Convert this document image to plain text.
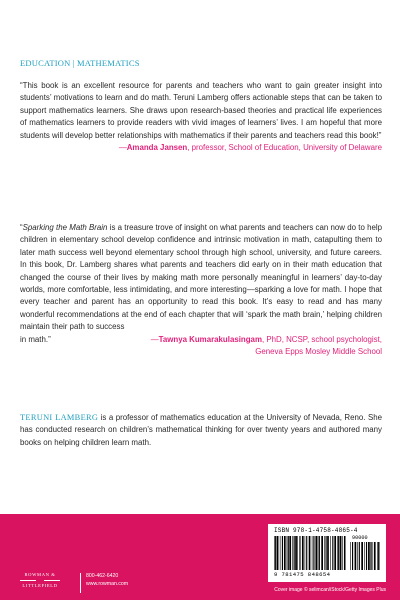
EDUCATION | MATHEMATICS

“This book is an excellent resource for parents and teachers who want to gain greater insight into students’ motivations to learn and do math. Teruni Lamberg offers actionable steps that can be taken to support mathematics learners. She draws upon research-based theories and practical life experiences of mathematics learners to provide readers with vivid images of learners’ lives. I am hopeful that more students will develop better relationships with mathematics if their parents and teachers read this book!”

—Amanda Jansen, professor, School of Education, University of Delaware

“Sparking the Math Brain is a treasure trove of insight on what parents and teachers can now do to help children in elementary school develop confidence and intrinsic motivation in math, catapulting them to later math success well beyond elementary school through high school, university, and future careers. In this book, Dr. Lamberg shares what parents and teachers did early on in their math education that changed the course of their lives by making math more personally meaningful in learners’ day-to-day worlds, more comfortable, less intimidating, and more interesting—sparking a love for math. I hope that every teacher and parent has an opportunity to read this book. It’s easy to read and has many wonderful recommendations at the end of each chapter that will ‘spark the math brain,’ helping children maintain their path to success

in math.”	—Tawnya Kumarakulasingam, PhD, NCSP, school psychologist, Geneva Epps Mosley Middle School
TERUNI LAMBERG is a professor of mathematics education at the University of Nevada, Reno. She has conducted research on children’s mathematical thinking for over twenty years and authored many books on helping children learn math.
ROWMAN &
LITTLEFIELD
800-462-6420
www.rowman.com
ISBN 978-1-4758-4865-4
90000
9 781475 848654
Cover image © selimcan/iStock/Getty Images Plus
